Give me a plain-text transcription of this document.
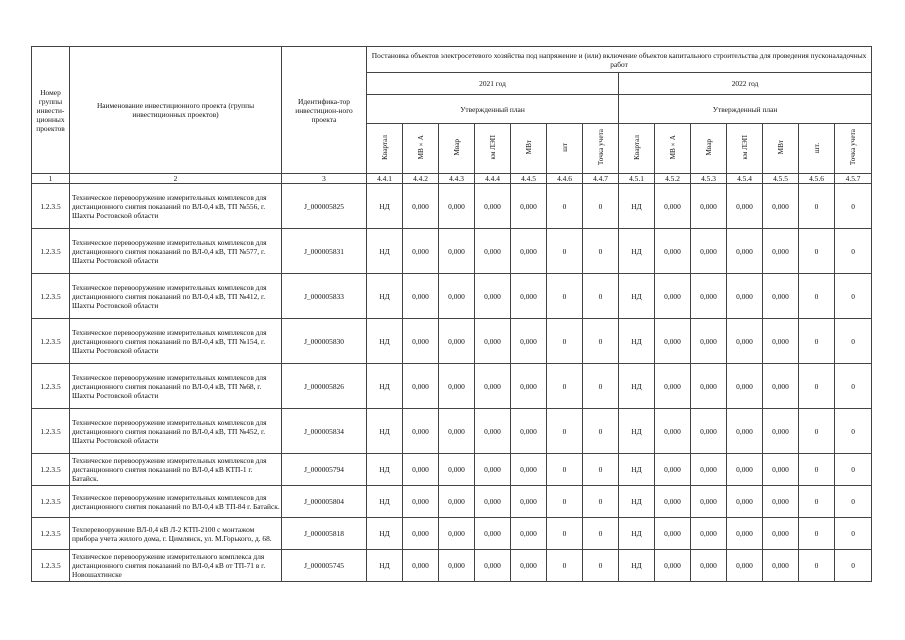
Номер группы инвести-ционных проектов	Наименование инвестиционного проекта (группы инвестиционных проектов)	Идентифика-тор инвестицион-ного проекта	Постановка объектов электросетевого хозяйства под напряжение и (или) включение объектов капитального строительства для проведения пусконаладочных работ													
			2021 год							2022 год						
			Утвержденный план							Утвержденный план						
			Квартал	МВ×А	Мвар	км ЛЭП	МВт	шт	Точка учета	Квартал	МВ×А	Мвар	км ЛЭП	МВт	шт.	Точка учета
1	2	3	4.4.1	4.4.2	4.4.3	4.4.4	4.4.5	4.4.6	4.4.7	4.5.1	4.5.2	4.5.3	4.5.4	4.5.5	4.5.6	4.5.7
1.2.3.5	Техническое перевооружение измерительных комплексов для дистанционного снятия показаний по ВЛ-0,4 кВ, ТП №556, г. Шахты Ростовской области	J_000005825	НД	0,000	0,000	0,000	0,000	0	0	НД	0,000	0,000	0,000	0,000	0	0
1.2.3.5	Техническое перевооружение измерительных комплексов для дистанционного снятия показаний по ВЛ-0,4 кВ, ТП №577, г. Шахты Ростовской области	J_000005831	НД	0,000	0,000	0,000	0,000	0	0	НД	0,000	0,000	0,000	0,000	0	0
1.2.3.5	Техническое перевооружение измерительных комплексов для дистанционного снятия показаний по ВЛ-0,4 кВ, ТП №412, г. Шахты Ростовской области	J_000005833	НД	0,000	0,000	0,000	0,000	0	0	НД	0,000	0,000	0,000	0,000	0	0
1.2.3.5	Техническое перевооружение измерительных комплексов для дистанционного снятия показаний по ВЛ-0,4 кВ, ТП №154, г. Шахты Ростовской области	J_000005830	НД	0,000	0,000	0,000	0,000	0	0	НД	0,000	0,000	0,000	0,000	0	0
1.2.3.5	Техническое перевооружение измерительных комплексов для дистанционного снятия показаний по ВЛ-0,4 кВ, ТП №68, г. Шахты Ростовской области	J_000005826	НД	0,000	0,000	0,000	0,000	0	0	НД	0,000	0,000	0,000	0,000	0	0
1.2.3.5	Техническое перевооружение измерительных комплексов для дистанционного снятия показаний по ВЛ-0,4 кВ, ТП №452, г. Шахты Ростовской области	J_000005834	НД	0,000	0,000	0,000	0,000	0	0	НД	0,000	0,000	0,000	0,000	0	0
1.2.3.5	Техническое перевооружение измерительных комплексов для дистанционного снятия показаний по ВЛ-0,4 кВ КТП-1 г. Батайск.	J_000005794	НД	0,000	0,000	0,000	0,000	0	0	НД	0,000	0,000	0,000	0,000	0	0
1.2.3.5	Техническое перевооружение измерительных комплексов для дистанционного снятия показаний по ВЛ-0,4 кВ ТП-84 г. Батайск.	J_000005804	НД	0,000	0,000	0,000	0,000	0	0	НД	0,000	0,000	0,000	0,000	0	0
1.2.3.5	Техперевооружение ВЛ-0,4 кВ Л-2 КТП-2100 с монтажом прибора учета жилого дома, г. Цимлянск, ул. М.Горького, д. 68.	J_000005818	НД	0,000	0,000	0,000	0,000	0	0	НД	0,000	0,000	0,000	0,000	0	0
1.2.3.5	Техническое перевооружение измерительного комплекса для дистанционного снятия показаний по ВЛ-0,4 кВ от ТП-71 в г. Новошахтинске	J_000005745	НД	0,000	0,000	0,000	0,000	0	0	НД	0,000	0,000	0,000	0,000	0	0
